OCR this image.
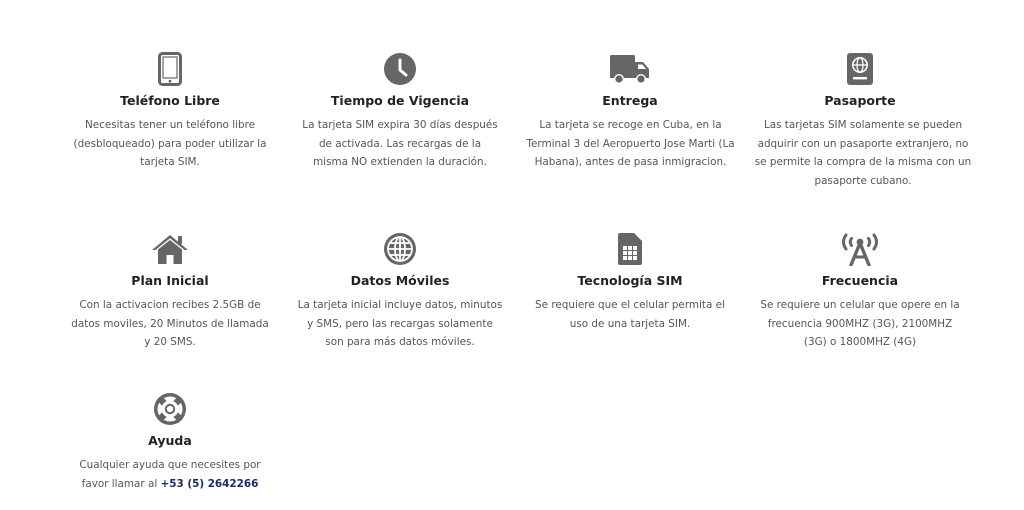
Teléfono Libre
Necesitas tener un teléfono libre (desbloqueado) para poder utilizar la tarjeta SIM.
Tiempo de Vigencia
La tarjeta SIM expira 30 días después de activada. Las recargas de la misma NO extienden la duración.
Entrega
La tarjeta se recoge en Cuba, en la Terminal 3 del Aeropuerto Jose Marti (La Habana), antes de pasa inmigracion.
Pasaporte
Las tarjetas SIM solamente se pueden adquirir con un pasaporte extranjero, no se permite la compra de la misma con un pasaporte cubano.
Plan Inicial
Con la activacion recibes 2.5GB de datos moviles, 20 Minutos de llamada y 20 SMS.
Datos Móviles
La tarjeta inicial incluye datos, minutos y SMS, pero las recargas solamente son para más datos móviles.
Tecnología SIM
Se requiere que el celular permita el uso de una tarjeta SIM.
Frecuencia
Se requiere un celular que opere en la frecuencia 900MHZ (3G), 2100MHZ (3G) o 1800MHZ (4G)
Ayuda
Cualquier ayuda que necesites por favor llamar al +53 (5) 2642266
